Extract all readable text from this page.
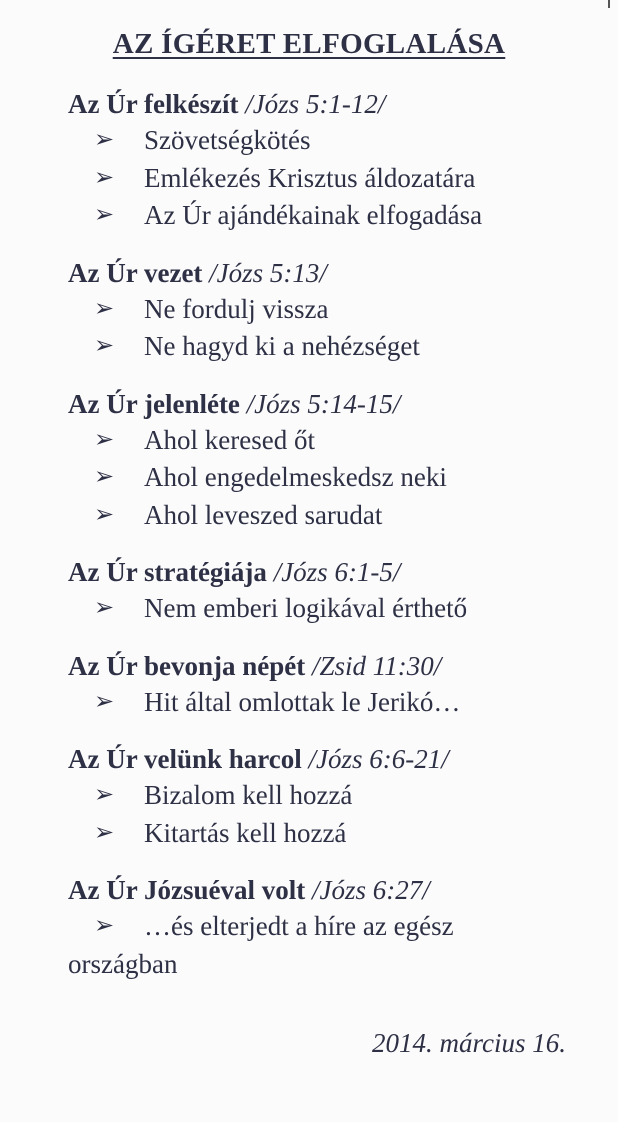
AZ ÍGÉRET ELFOGLALÁSA
Az Úr felkészít /Józs 5:1-12/
➢ Szövetségkötés
➢ Emlékezés Krisztus áldozatára
➢ Az Úr ajándékainak elfogadása
Az Úr vezet /Józs 5:13/
➢ Ne fordulj vissza
➢ Ne hagyd ki a nehézséget
Az Úr jelenléte /Józs 5:14-15/
➢ Ahol keresed őt
➢ Ahol engedelmeskedsz neki
➢ Ahol leveszed sarudat
Az Úr stratégiája /Józs 6:1-5/
➢ Nem emberi logikával érthető
Az Úr bevonja népét /Zsid 11:30/
➢ Hit által omlottak le Jerikó…
Az Úr velünk harcol /Józs 6:6-21/
➢ Bizalom kell hozzá
➢ Kitartás kell hozzá
Az Úr Józsuéval volt /Józs 6:27/
➢ …és elterjedt a híre az egész
országban
2014. március 16.
